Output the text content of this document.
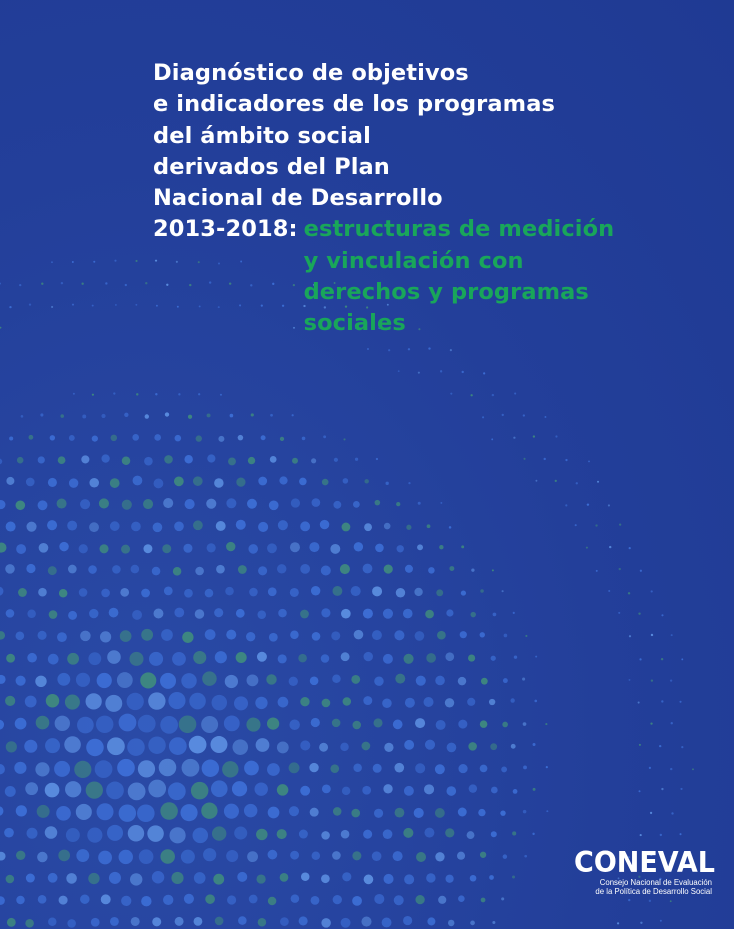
Diagnóstico de objetivos
e indicadores de los programas
del ámbito social
derivados del Plan
Nacional de Desarrollo
2013-2018: estructuras de medición
y vinculación con
derechos y programas
sociales
CONEVAL
Consejo Nacional de Evaluación
de la Política de Desarrollo Social
